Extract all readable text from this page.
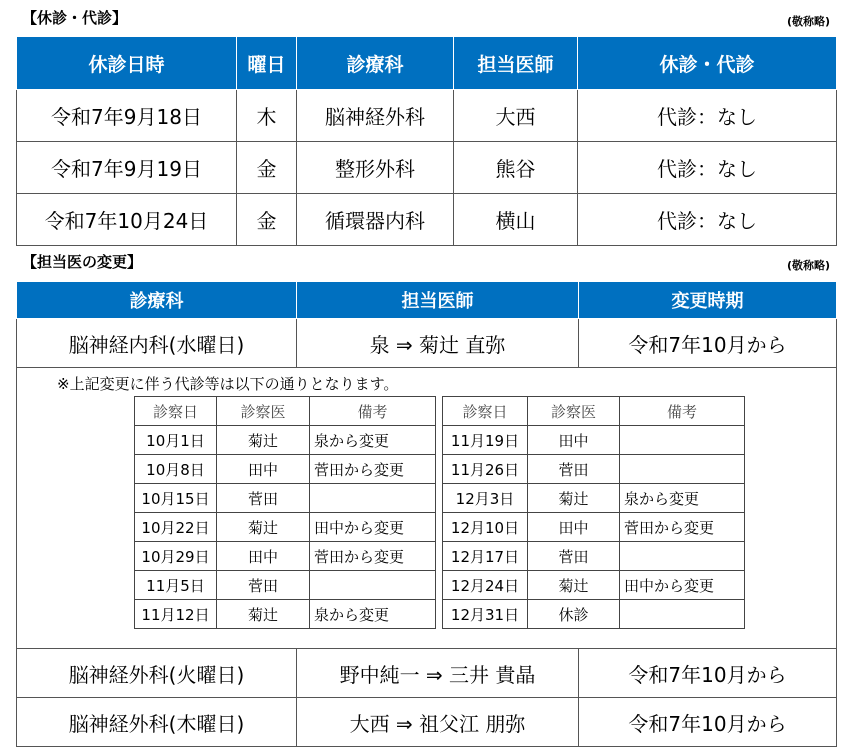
【休診・代診】	(敬称略)
休診日時	曜日	診療科	担当医師	休診・代診
令和7年9月18日	木	脳神経外科	大西	代診：なし
令和7年9月19日	金	整形外科	熊谷	代診：なし
令和7年10月24日	金	循環器内科	横山	代診：なし
【担当医の変更】	(敬称略)
診療科	担当医師	変更時期
脳神経内科(水曜日)	泉 ⇒ 菊辻 直弥	令和7年10月から

※上記変更に伴う代診等は以下の通りとなります。
診察日	診察医	備考
10月1日	菊辻	泉から変更
10月8日	田中	菅田から変更
10月15日	菅田	
10月22日	菊辻	田中から変更
10月29日	田中	菅田から変更
11月5日	菅田	
11月12日	菊辻	泉から変更
診察日	診察医	備考
11月19日	田中	
11月26日	菅田	
12月3日	菊辻	泉から変更
12月10日	田中	菅田から変更
12月17日	菅田	
12月24日	菊辻	田中から変更
12月31日	休診	

脳神経外科(火曜日)	野中純一 ⇒ 三井 貴晶	令和7年10月から
脳神経外科(木曜日)	大西 ⇒ 祖父江 朋弥	令和7年10月から
